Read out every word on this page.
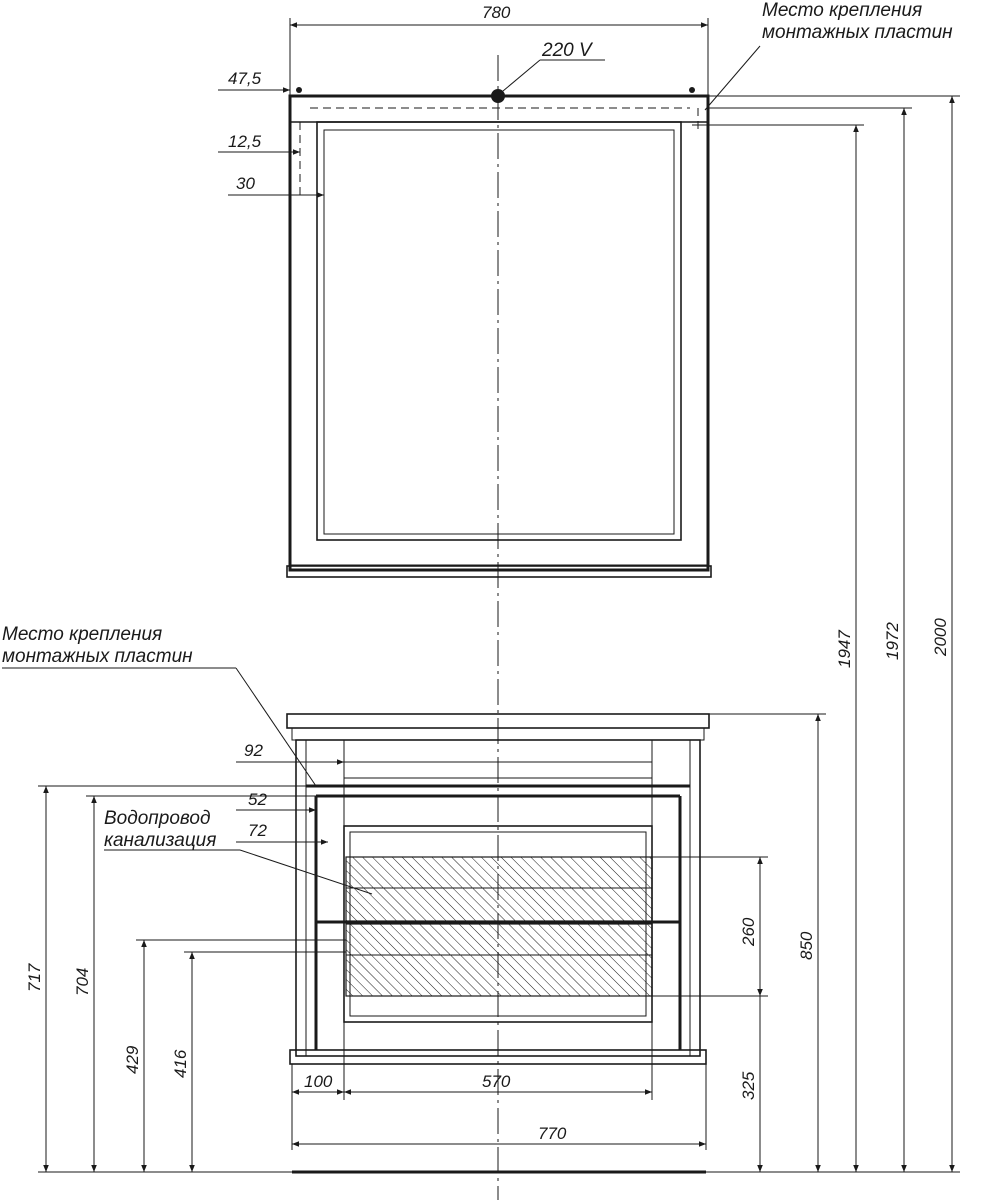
220 V
780
47,5
12,5
30
Место крепления
монтажных пластин
Место крепления
монтажных пластин
Водопровод
канализация
92
52
72
260 850
325
100	570
770
717 704
429 416
1947 1972 2000
